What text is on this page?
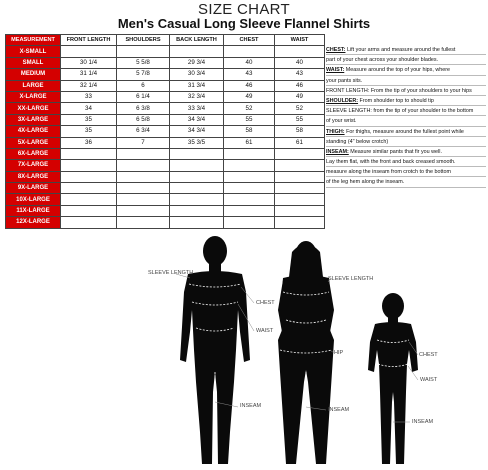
SIZE CHART
Men's Casual Long Sleeve Flannel Shirts
MEASUREMENT	FRONT LENGTH	SHOULDERS	BACK LENGTH	CHEST	WAIST
X-SMALL					
SMALL	30 1/4	5 5/8	29 3/4	40	40
MEDIUM	31 1/4	5 7/8	30 3/4	43	43
LARGE	32 1/4	6	31 3/4	46	46
X-LARGE	33	6 1/4	32 3/4	49	49
XX-LARGE	34	6 3/8	33 3/4	52	52
3X-LARGE	35	6 5/8	34 3/4	55	55
4X-LARGE	35	6 3/4	34 3/4	58	58
5X-LARGE	36	7	35 3/5	61	61
6X-LARGE					
7X-LARGE					
8X-LARGE					
9X-LARGE					
10X-LARGE					
11X-LARGE					
12X-LARGE					
CHEST: Lift your arms and measure around the fullest
part of your chest across your shoulder blades.
WAIST: Measure around the top of your hips, where
your pants sits.
FRONT LENGTH: From the tip of your shoulders to your hips
SHOULDER: From shoulder top to should tip
SLEEVE LENGTH: from the tip of your shoulder to the bottom
of your wrist.
THIGH: For thighs, measure around the fullest point while
standing (4" below crotch)
INSEAM: Measure similar pants that fir you well.
Lay them flat, with the front and back creased smooth.
measure along the inseam from crotch to the bottom
of the leg hem along the inseam.
SLEEVE LENGTH
CHEST
WAIST
INSEAM
SLEEVE LENGTH
HIP
INSEAM
CHEST
WAIST
INSEAM
